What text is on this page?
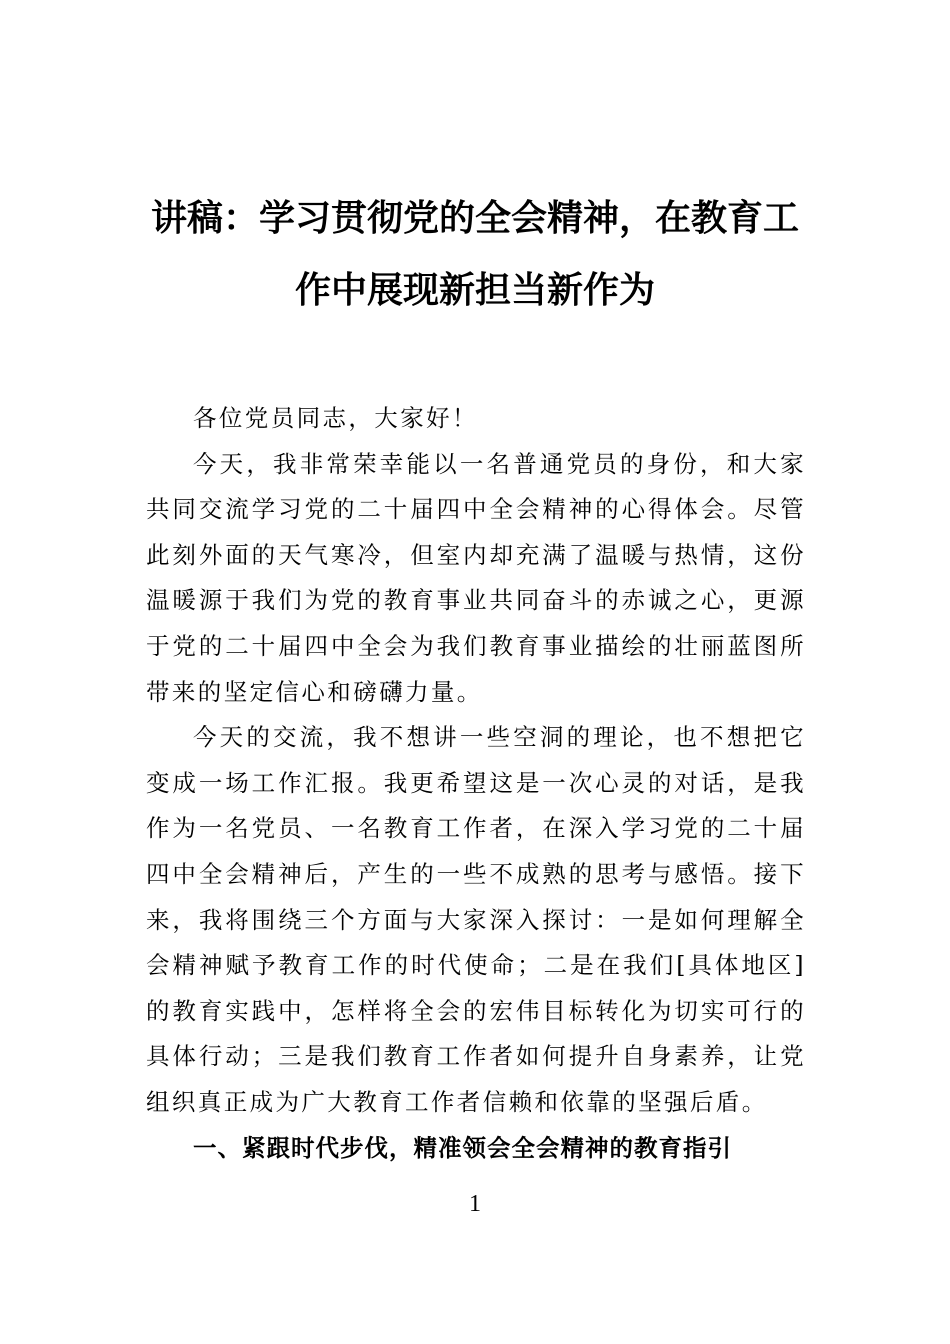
讲稿：学习贯彻党的全会精神，在教育工
作中展现新担当新作为

各位党员同志，大家好！

今天，我非常荣幸能以一名普通党员的身份，和大家共同交流学习党的二十届四中全会精神的心得体会。尽管此刻外面的天气寒冷，但室内却充满了温暖与热情，这份温暖源于我们为党的教育事业共同奋斗的赤诚之心，更源于党的二十届四中全会为我们教育事业描绘的壮丽蓝图所带来的坚定信心和磅礴力量。

今天的交流，我不想讲一些空洞的理论，也不想把它变成一场工作汇报。我更希望这是一次心灵的对话，是我作为一名党员、一名教育工作者，在深入学习党的二十届四中全会精神后，产生的一些不成熟的思考与感悟。接下来，我将围绕三个方面与大家深入探讨：一是如何理解全会精神赋予教育工作的时代使命；二是在我们[具体地区]的教育实践中，怎样将全会的宏伟目标转化为切实可行的具体行动；三是我们教育工作者如何提升自身素养，让党组织真正成为广大教育工作者信赖和依靠的坚强后盾。

一、紧跟时代步伐，精准领会全会精神的教育指引

1
